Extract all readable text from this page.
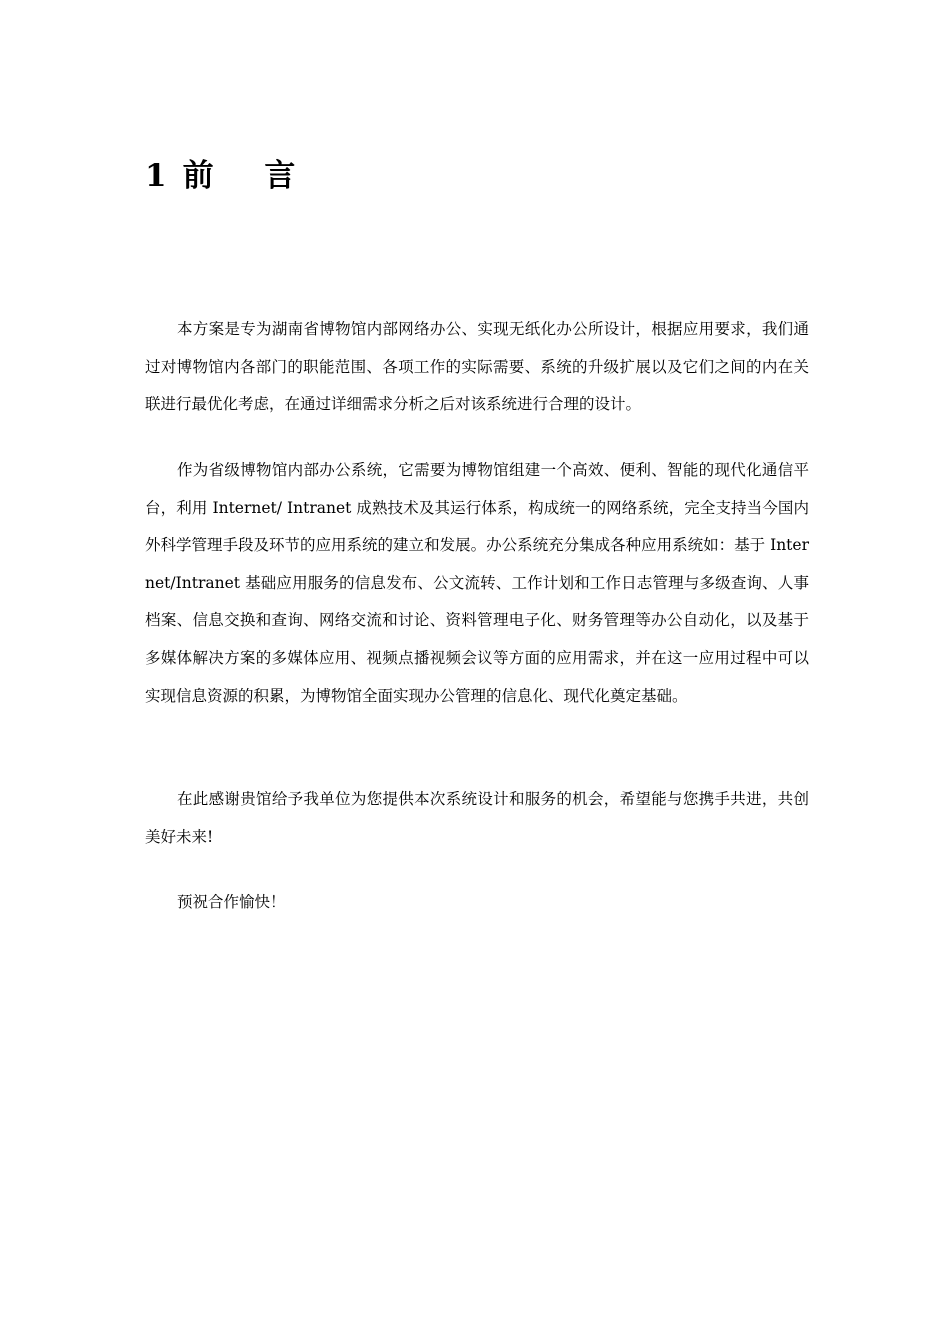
1 前 言

本方案是专为湖南省博物馆内部网络办公、实现无纸化办公所设计，根据应用要求，我们通过对博物馆内各部门的职能范围、各项工作的实际需要、系统的升级扩展以及它们之间的内在关联进行最优化考虑，在通过详细需求分析之后对该系统进行合理的设计。

作为省级博物馆内部办公系统，它需要为博物馆组建一个高效、便利、智能的现代化通信平台，利用 Internet/ Intranet 成熟技术及其运行体系，构成统一的网络系统，完全支持当今国内外科学管理手段及环节的应用系统的建立和发展。办公系统充分集成各种应用系统如：基于 Internet/Intranet 基础应用服务的信息发布、公文流转、工作计划和工作日志管理与多级查询、人事档案、信息交换和查询、网络交流和讨论、资料管理电子化、财务管理等办公自动化，以及基于多媒体解决方案的多媒体应用、视频点播视频会议等方面的应用需求，并在这一应用过程中可以实现信息资源的积累，为博物馆全面实现办公管理的信息化、现代化奠定基础。

在此感谢贵馆给予我单位为您提供本次系统设计和服务的机会，希望能与您携手共进，共创美好未来!

预祝合作愉快！
